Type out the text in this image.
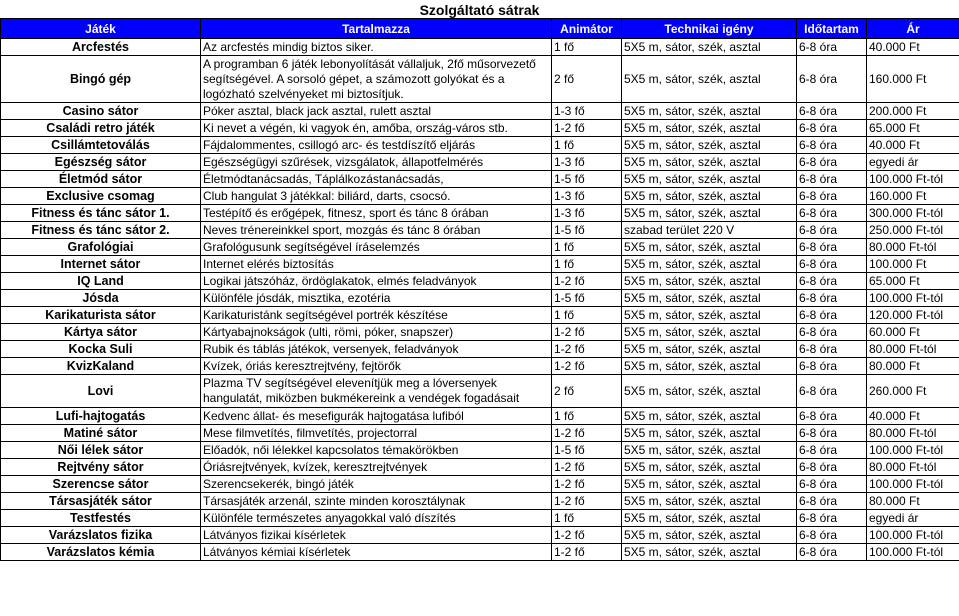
Szolgáltató sátrak
Játék	Tartalmazza	Animátor	Technikai igény	Időtartam	Ár
Arcfestés	Az arcfestés mindig biztos siker.	1 fő	5X5 m, sátor, szék, asztal	6-8 óra	40.000 Ft
Bingó gép	A programban 6 játék lebonyolítását vállaljuk, 2fő műsorvezető segítségével. A sorsoló gépet, a számozott golyókat és a logózható szelvényeket mi biztosítjuk.	2 fő	5X5 m, sátor, szék, asztal	6-8 óra	160.000 Ft
Casino sátor	Póker asztal, black jack asztal, rulett asztal	1-3 fő	5X5 m, sátor, szék, asztal	6-8 óra	200.000 Ft
Családi retro játék	Ki nevet a végén, ki vagyok én, amőba, ország-város stb.	1-2 fő	5X5 m, sátor, szék, asztal	6-8 óra	65.000 Ft
Csillámtetoválás	Fájdalommentes, csillogó arc- és testdíszítő eljárás	1 fő	5X5 m, sátor, szék, asztal	6-8 óra	40.000 Ft
Egészség sátor	Egészségügyi szűrések, vizsgálatok, állapotfelmérés	1-3 fő	5X5 m, sátor, szék, asztal	6-8 óra	egyedi ár
Életmód sátor	Életmódtanácsadás, Táplálkozástanácsadás,	1-5 fő	5X5 m, sátor, szék, asztal	6-8 óra	100.000 Ft-tól
Exclusive csomag	Club hangulat 3 játékkal: biliárd, darts, csocsó.	1-3 fő	5X5 m, sátor, szék, asztal	6-8 óra	160.000 Ft
Fitness és tánc sátor 1.	Testépítő és erőgépek, fitnesz, sport és tánc 8 órában	1-3 fő	5X5 m, sátor, szék, asztal	6-8 óra	300.000 Ft-tól
Fitness és tánc sátor 2.	Neves trénereinkkel sport, mozgás és tánc 8 órában	1-5 fő	szabad terület 220 V	6-8 óra	250.000 Ft-tól
Grafológiai	Grafológusunk segítségével íráselemzés	1 fő	5X5 m, sátor, szék, asztal	6-8 óra	80.000 Ft-tól
Internet sátor	Internet elérés biztosítás	1 fő	5X5 m, sátor, szék, asztal	6-8 óra	100.000 Ft
IQ Land	Logikai játszóház, ördöglakatok, elmés feladványok	1-2 fő	5X5 m, sátor, szék, asztal	6-8 óra	65.000 Ft
Jósda	Különféle jósdák, misztika, ezotéria	1-5 fő	5X5 m, sátor, szék, asztal	6-8 óra	100.000 Ft-tól
Karikaturista sátor	Karikaturistánk segítségével portrék készítése	1 fő	5X5 m, sátor, szék, asztal	6-8 óra	120.000 Ft-tól
Kártya sátor	Kártyabajnokságok (ulti, römi, póker, snapszer)	1-2 fő	5X5 m, sátor, szék, asztal	6-8 óra	60.000 Ft
Kocka Suli	Rubik és táblás játékok, versenyek, feladványok	1-2 fő	5X5 m, sátor, szék, asztal	6-8 óra	80.000 Ft-tól
KvizKaland	Kvízek, óriás keresztrejtvény, fejtörők	1-2 fő	5X5 m, sátor, szék, asztal	6-8 óra	80.000 Ft
Lovi	Plazma TV segítségével elevenítjük meg a lóversenyek hangulatát, miközben bukmékereink a vendégek fogadásait	2 fő	5X5 m, sátor, szék, asztal	6-8 óra	260.000 Ft
Lufi-hajtogatás	Kedvenc állat- és mesefigurák hajtogatása lufiból	1 fő	5X5 m, sátor, szék, asztal	6-8 óra	40.000 Ft
Matiné sátor	Mese filmvetítés, filmvetítés, projectorral	1-2 fő	5X5 m, sátor, szék, asztal	6-8 óra	80.000 Ft-tól
Női lélek sátor	Előadók, női lélekkel kapcsolatos témakörökben	1-5 fő	5X5 m, sátor, szék, asztal	6-8 óra	100.000 Ft-tól
Rejtvény sátor	Óriásrejtvények, kvízek, keresztrejtvények	1-2 fő	5X5 m, sátor, szék, asztal	6-8 óra	80.000 Ft-tól
Szerencse sátor	Szerencsekerék, bingó játék	1-2 fő	5X5 m, sátor, szék, asztal	6-8 óra	100.000 Ft-tól
Társasjáték sátor	Társasjáték arzenál, szinte minden korosztálynak	1-2 fő	5X5 m, sátor, szék, asztal	6-8 óra	80.000 Ft
Testfestés	Különféle természetes anyagokkal való díszítés	1 fő	5X5 m, sátor, szék, asztal	6-8 óra	egyedi ár
Varázslatos fizika	Látványos fizikai kísérletek	1-2 fő	5X5 m, sátor, szék, asztal	6-8 óra	100.000 Ft-tól
Varázslatos kémia	Látványos kémiai kísérletek	1-2 fő	5X5 m, sátor, szék, asztal	6-8 óra	100.000 Ft-tól
